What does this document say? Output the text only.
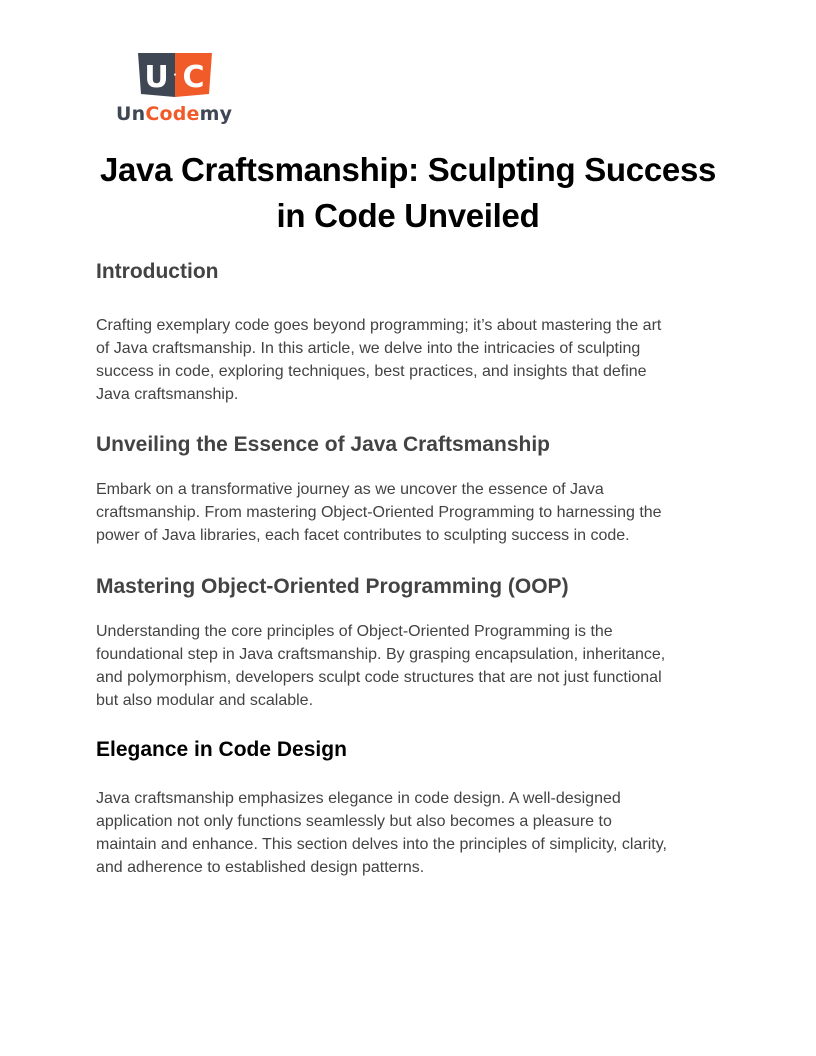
U · C
UnCodemy
Java Craftsmanship: Sculpting Success
in Code Unveiled
Introduction

Crafting exemplary code goes beyond programming; it’s about mastering the art
of Java craftsmanship. In this article, we delve into the intricacies of sculpting
success in code, exploring techniques, best practices, and insights that define
Java craftsmanship.

Unveiling the Essence of Java Craftsmanship

Embark on a transformative journey as we uncover the essence of Java
craftsmanship. From mastering Object-Oriented Programming to harnessing the
power of Java libraries, each facet contributes to sculpting success in code.

Mastering Object-Oriented Programming (OOP)

Understanding the core principles of Object-Oriented Programming is the
foundational step in Java craftsmanship. By grasping encapsulation, inheritance,
and polymorphism, developers sculpt code structures that are not just functional
but also modular and scalable.

Elegance in Code Design

Java craftsmanship emphasizes elegance in code design. A well-designed
application not only functions seamlessly but also becomes a pleasure to
maintain and enhance. This section delves into the principles of simplicity, clarity,
and adherence to established design patterns.
